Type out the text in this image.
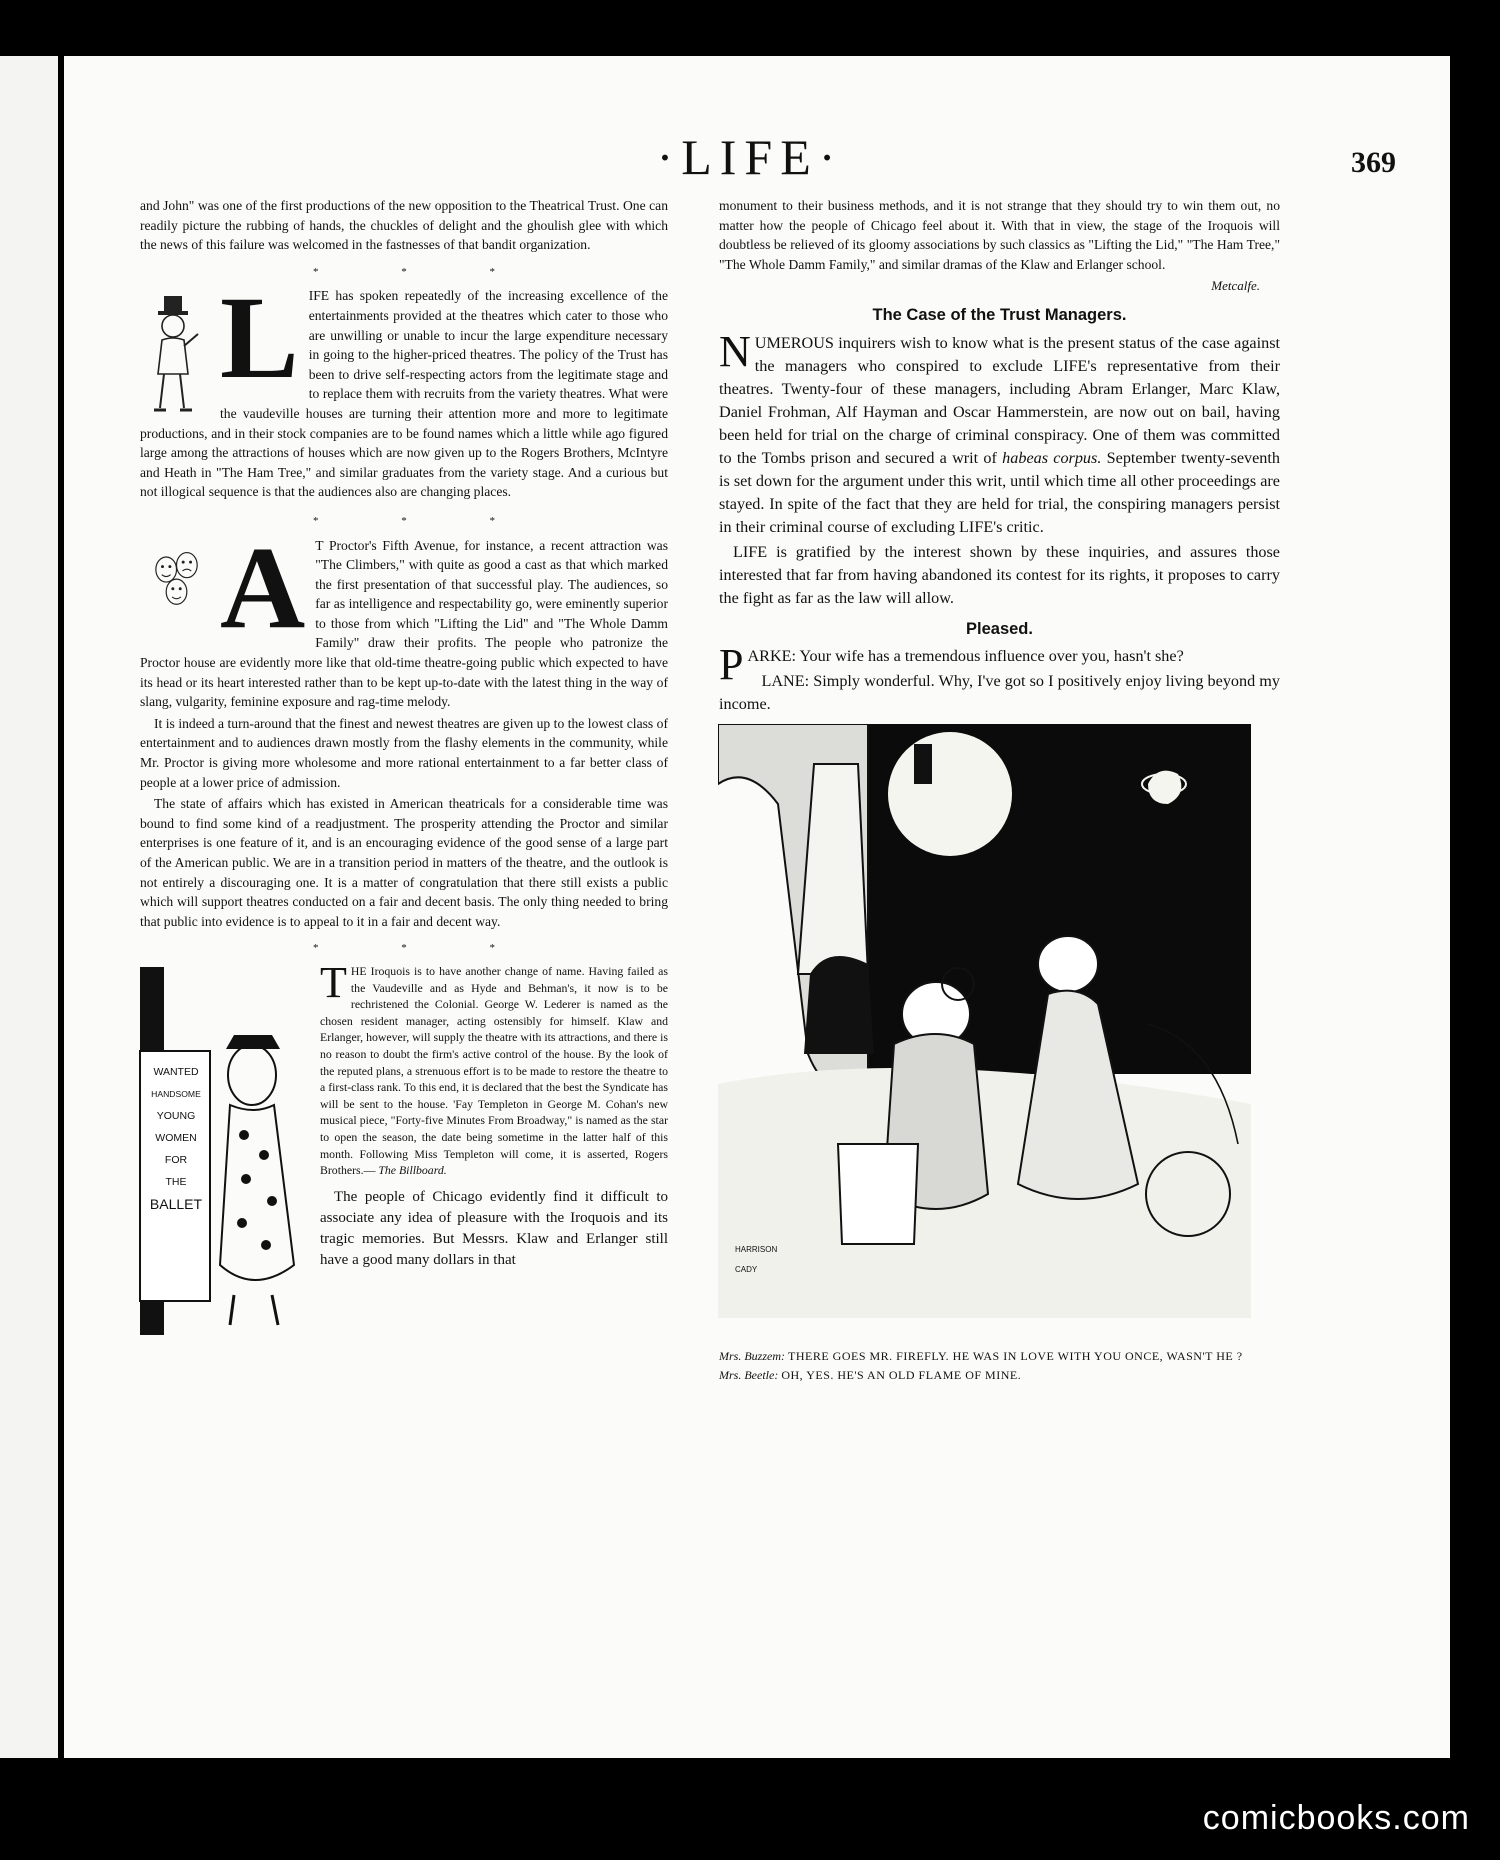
·LIFE·	369

and John" was one of the first productions of the new opposition to the Theatrical Trust. One can readily picture the rubbing of hands, the chuckles of delight and the ghoulish glee with which the news of this failure was welcomed in the fastnesses of that bandit organization.

* * *
L IFE has spoken repeatedly of the increasing excellence of the entertainments provided at the theatres which cater to those who are unwilling or unable to incur the large expenditure necessary in going to the higher-priced theatres. The policy of the Trust has been to drive self-respecting actors from the legitimate stage and to replace them with recruits from the variety theatres. What were the vaudeville houses are turning their attention more and more to legitimate productions, and in their stock companies are to be found names which a little while ago figured large among the attractions of houses which are now given up to the Rogers Brothers, McIntyre and Heath in "The Ham Tree," and similar graduates from the variety stage. And a curious but not illogical sequence is that the audiences also are changing places.

* * *
A T Proctor's Fifth Avenue, for instance, a recent attraction was "The Climbers," with quite as good a cast as that which marked the first presentation of that successful play. The audiences, so far as intelligence and respectability go, were eminently superior to those from which "Lifting the Lid" and "The Whole Damm Family" draw their profits. The people who patronize the Proctor house are evidently more like that old-time theatre-going public which expected to have its head or its heart interested rather than to be kept up-to-date with the latest thing in the way of slang, vulgarity, feminine exposure and rag-time melody.

It is indeed a turn-around that the finest and newest theatres are given up to the lowest class of entertainment and to audiences drawn mostly from the flashy elements in the community, while Mr. Proctor is giving more wholesome and more rational entertainment to a far better class of people at a lower price of admission.

The state of affairs which has existed in American theatricals for a considerable time was bound to find some kind of a readjustment. The prosperity attending the Proctor and similar enterprises is one feature of it, and is an encouraging evidence of the good sense of a large part of the American public. We are in a transition period in matters of the theatre, and the outlook is not entirely a discouraging one. It is a matter of congratulation that there still exists a public which will support theatres conducted on a fair and decent basis. The only thing needed to bring that public into evidence is to appeal to it in a fair and decent way.

* * *
WANTED
HANDSOME
YOUNG
WOMEN
FOR
THE
BALLET

T HE Iroquois is to have another change of name. Having failed as the Vaudeville and as Hyde and Behman's, it now is to be rechristened the Colonial. George W. Lederer is named as the chosen resident manager, acting ostensibly for himself. Klaw and Erlanger, however, will supply the theatre with its attractions, and there is no reason to doubt the firm's active control of the house. By the look of the reputed plans, a strenuous effort is to be made to restore the theatre to a first-class rank. To this end, it is declared that the best the Syndicate has will be sent to the house. 'Fay Templeton in George M. Cohan's new musical piece, "Forty-five Minutes From Broadway," is named as the star to open the season, the date being sometime in the latter half of this month. Following Miss Templeton will come, it is asserted, Rogers Brothers.— The Billboard.

The people of Chicago evidently find it difficult to associate any idea of pleasure with the Iroquois and its tragic memories. But Messrs. Klaw and Erlanger still have a good many dollars in that

monument to their business methods, and it is not strange that they should try to win them out, no matter how the people of Chicago feel about it. With that in view, the stage of the Iroquois will doubtless be relieved of its gloomy associations by such classics as "Lifting the Lid," "The Ham Tree," "The Whole Damm Family," and similar dramas of the Klaw and Erlanger school.

Metcalfe.
The Case of the Trust Managers.

N UMEROUS inquirers wish to know what is the present status of the case against the managers who conspired to exclude LIFE's representative from their theatres. Twenty-four of these managers, including Abram Erlanger, Marc Klaw, Daniel Frohman, Alf Hayman and Oscar Hammerstein, are now out on bail, having been held for trial on the charge of criminal conspiracy. One of them was committed to the Tombs prison and secured a writ of habeas corpus. September twenty-seventh is set down for the argument under this writ, until which time all other proceedings are stayed. In spite of the fact that they are held for trial, the conspiring managers persist in their criminal course of excluding LIFE's critic.

LIFE is gratified by the interest shown by these inquiries, and assures those interested that far from having abandoned its contest for its rights, it proposes to carry the fight as far as the law will allow.

Pleased.

P ARKE: Your wife has a tremendous influence over you, hasn't she?

LANE: Simply wonderful. Why, I've got so I positively enjoy living beyond my income.

HARRISON CADY
Mrs. Buzzem: THERE GOES MR. FIREFLY. HE WAS IN LOVE WITH YOU ONCE, WASN'T HE ?
Mrs. Beetle: OH, YES. HE'S AN OLD FLAME OF MINE.
comicbooks.com
